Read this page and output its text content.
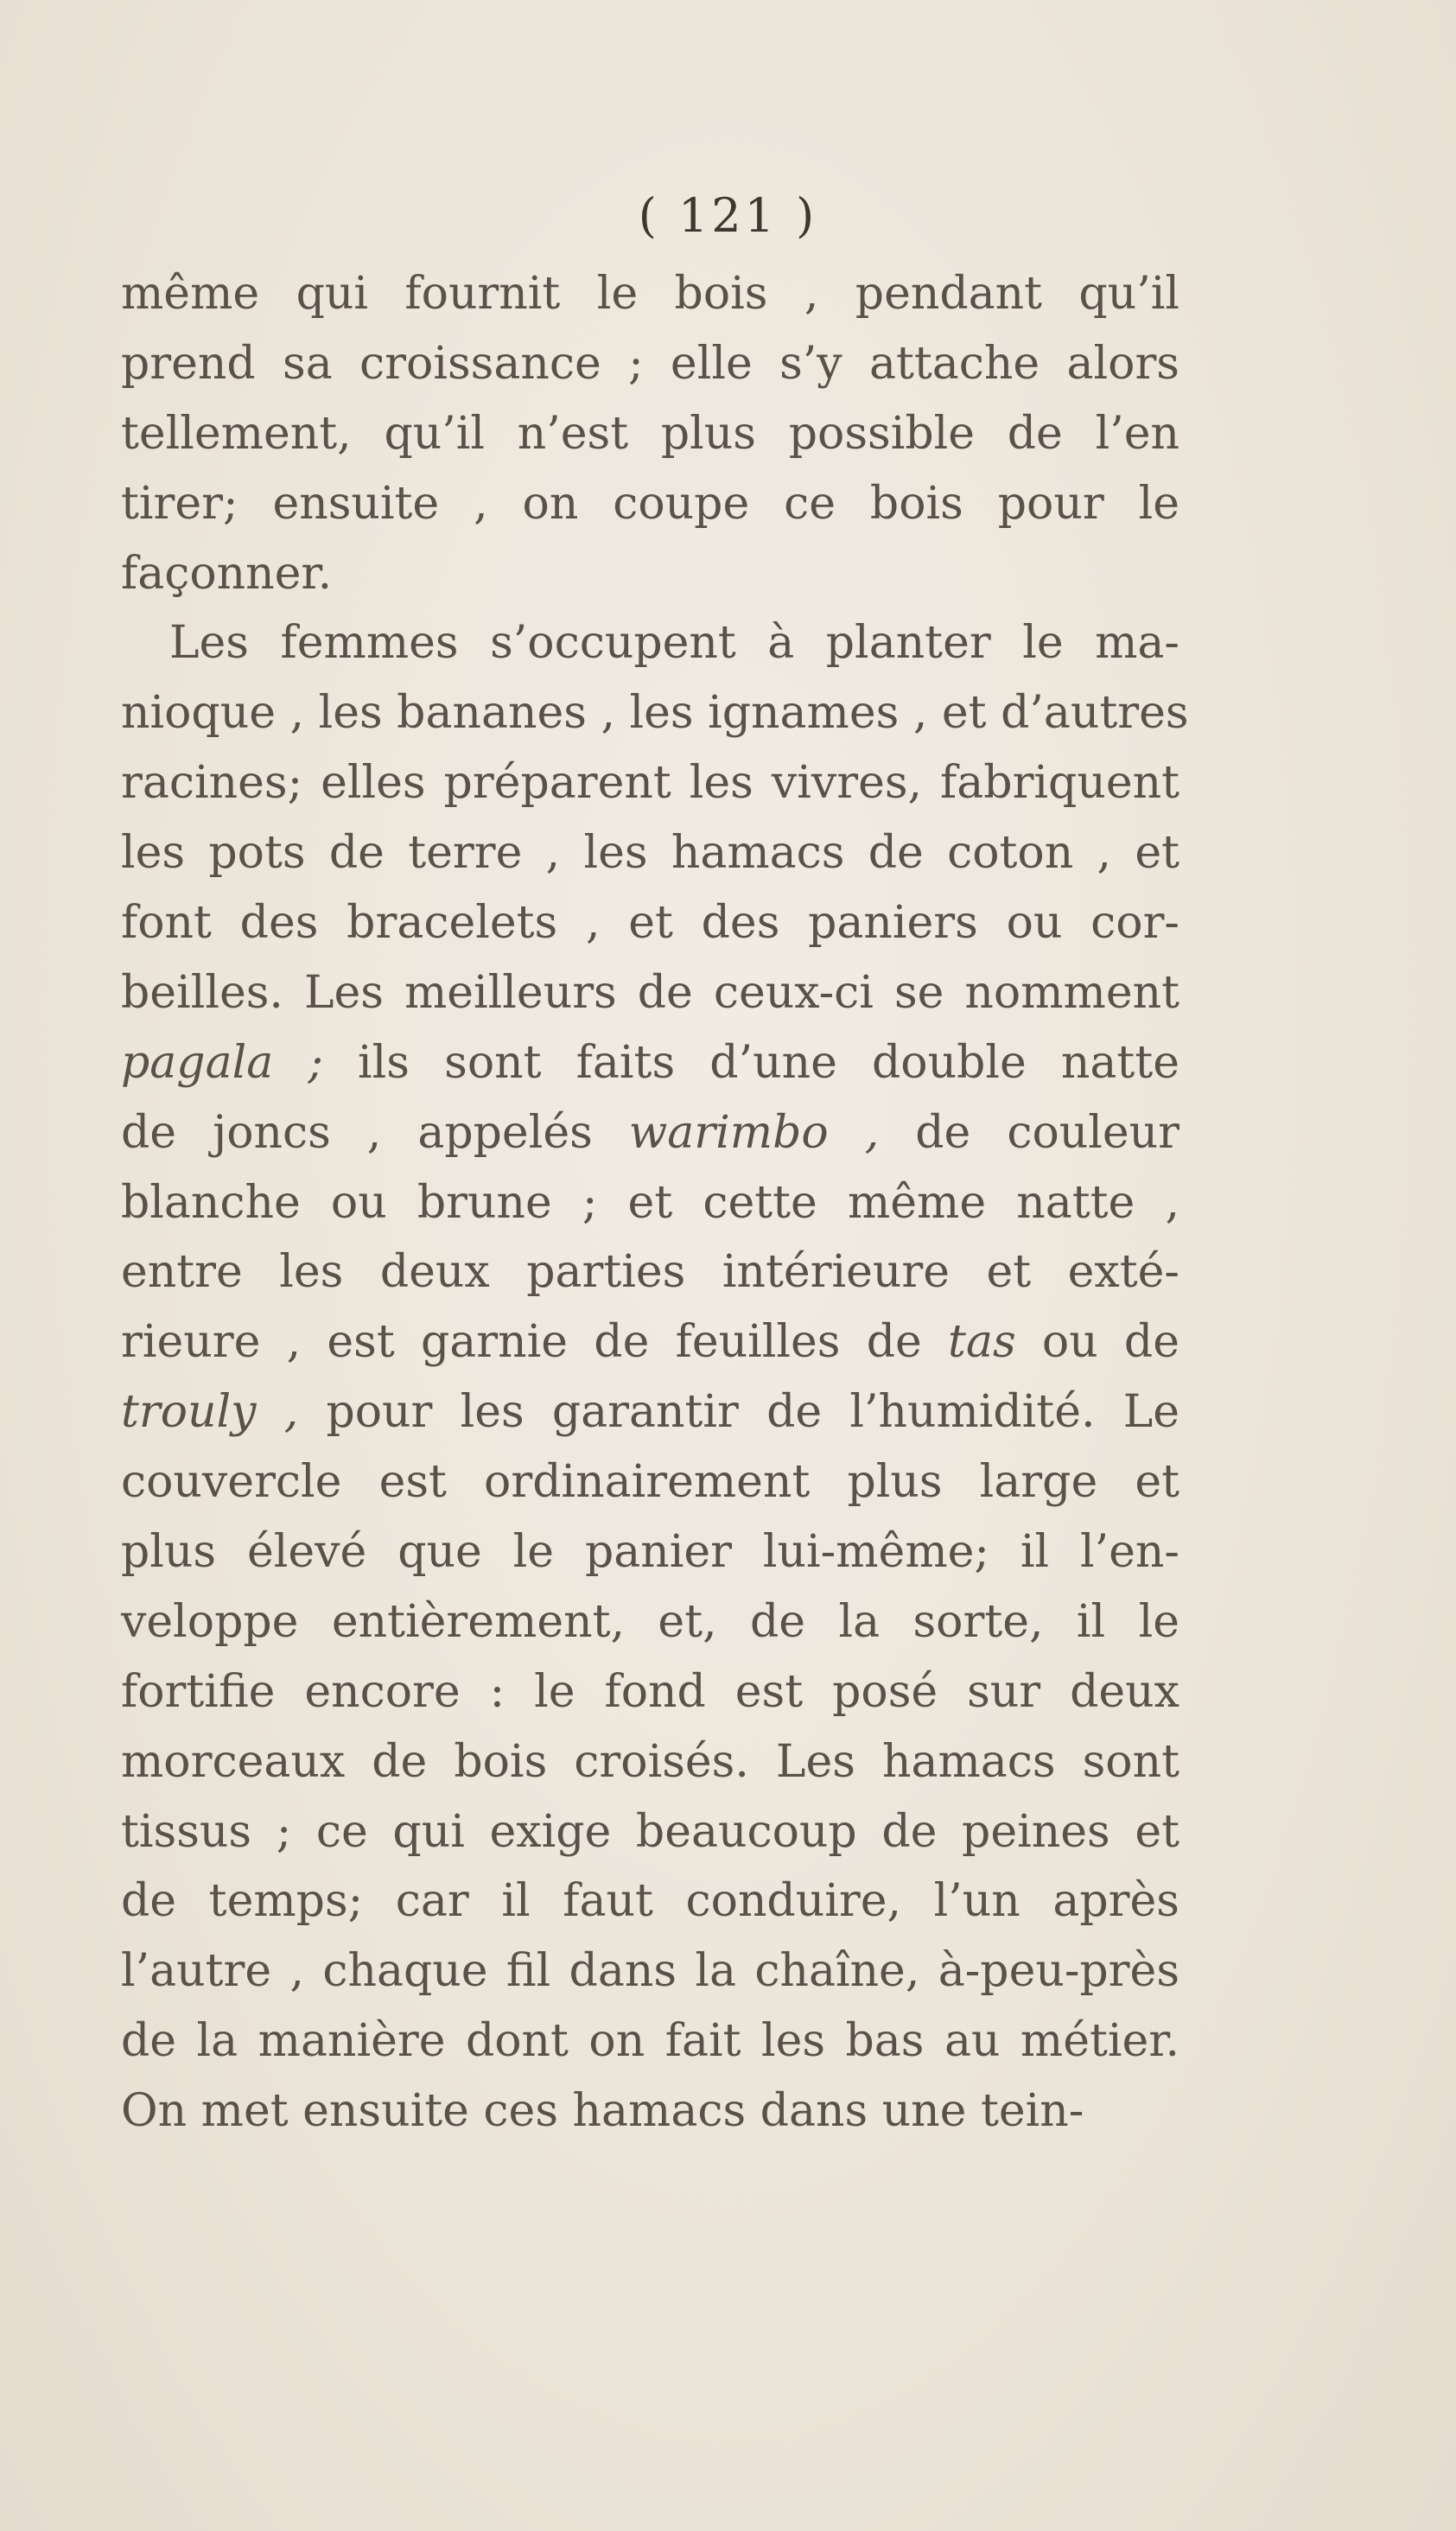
( 121 )
même qui fournit le bois , pendant qu’il
prend sa croissance ; elle s’y attache alors
tellement, qu’il n’est plus possible de l’en
tirer; ensuite , on coupe ce bois pour le
façonner.
Les femmes s’occupent à planter le ma-
nioque , les bananes , les ignames , et d’autres
racines; elles préparent les vivres, fabriquent
les pots de terre , les hamacs de coton , et
font des bracelets , et des paniers ou cor-
beilles. Les meilleurs de ceux-ci se nomment
pagala ; ils sont faits d’une double natte
de joncs , appelés warimbo , de couleur
blanche ou brune ; et cette même natte ,
entre les deux parties intérieure et exté-
rieure , est garnie de feuilles de tas ou de
trouly , pour les garantir de l’humidité. Le
couvercle est ordinairement plus large et
plus élevé que le panier lui-même; il l’en-
veloppe entièrement, et, de la sorte, il le
fortifie encore : le fond est posé sur deux
morceaux de bois croisés. Les hamacs sont
tissus ; ce qui exige beaucoup de peines et
de temps; car il faut conduire, l’un après
l’autre , chaque fil dans la chaîne, à-peu-près
de la manière dont on fait les bas au métier.
On met ensuite ces hamacs dans une tein-
